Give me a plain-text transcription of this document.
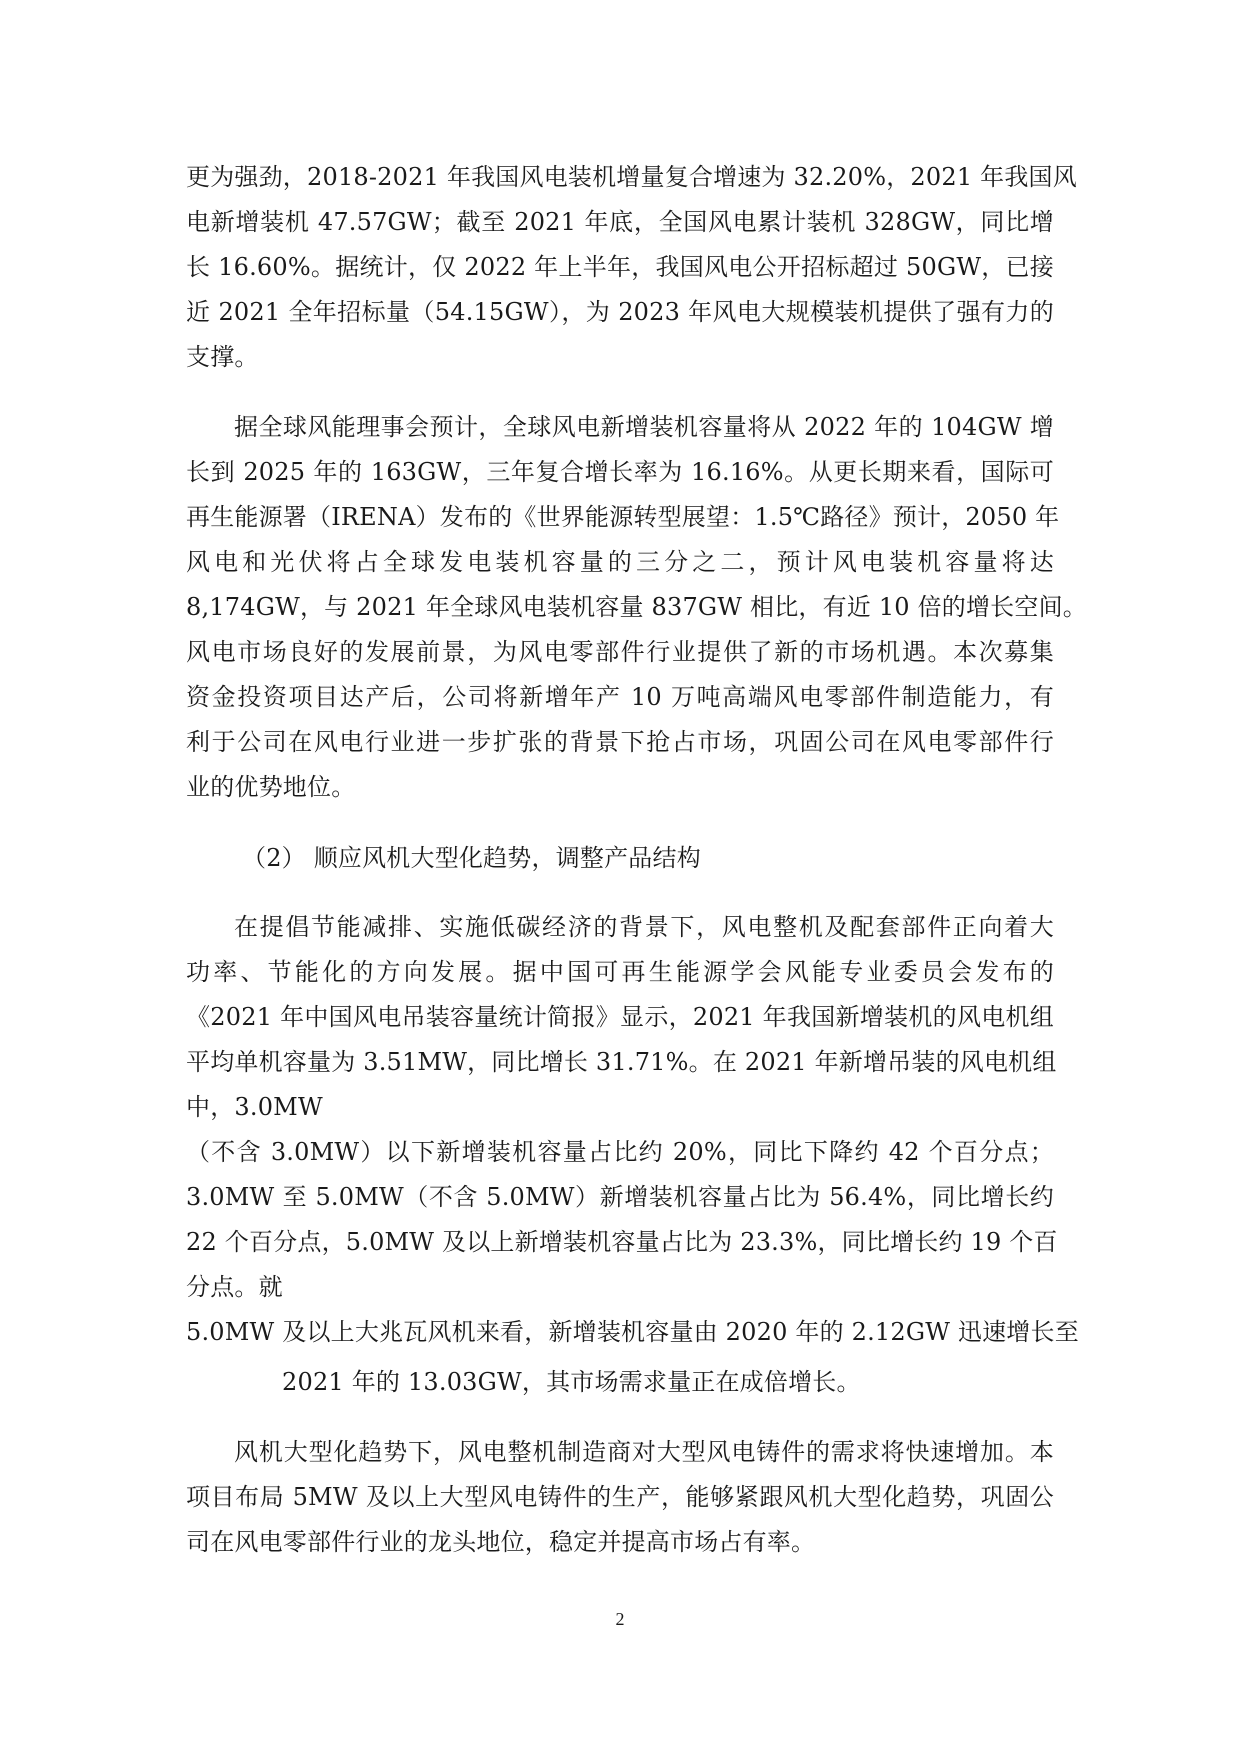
更为强劲，2018-2021 年我国风电装机增量复合增速为 32.20%，2021 年我国风

电新增装机 47.57GW；截至 2021 年底，全国风电累计装机 328GW，同比增

长 16.60%。据统计，仅 2022 年上半年，我国风电公开招标超过 50GW，已接

近 2021 全年招标量（54.15GW），为 2023 年风电大规模装机提供了强有力的

支撑。

据全球风能理事会预计，全球风电新增装机容量将从 2022 年的 104GW 增

长到 2025 年的 163GW，三年复合增长率为 16.16%。从更长期来看，国际可

再生能源署（IRENA）发布的《世界能源转型展望：1.5℃路径》预计，2050 年

风电和光伏将占全球发电装机容量的三分之二，预计风电装机容量将达

8,174GW，与 2021 年全球风电装机容量 837GW 相比，有近 10 倍的增长空间。

风电市场良好的发展前景，为风电零部件行业提供了新的市场机遇。本次募集

资金投资项目达产后，公司将新增年产 10 万吨高端风电零部件制造能力，有

利于公司在风电行业进一步扩张的背景下抢占市场，巩固公司在风电零部件行

业的优势地位。

（2） 顺应风机大型化趋势，调整产品结构

在提倡节能减排、实施低碳经济的背景下，风电整机及配套部件正向着大

功率、节能化的方向发展。据中国可再生能源学会风能专业委员会发布的

《2021 年中国风电吊装容量统计简报》显示，2021 年我国新增装机的风电机组

平均单机容量为 3.51MW，同比增长 31.71%。在 2021 年新增吊装的风电机组

中，3.0MW

（不含 3.0MW）以下新增装机容量占比约 20%，同比下降约 42 个百分点；

3.0MW 至 5.0MW（不含 5.0MW）新增装机容量占比为 56.4%，同比增长约

22 个百分点，5.0MW 及以上新增装机容量占比为 23.3%，同比增长约 19 个百

分点。就

5.0MW 及以上大兆瓦风机来看，新增装机容量由 2020 年的 2.12GW 迅速增长至

2021 年的 13.03GW，其市场需求量正在成倍增长。

风机大型化趋势下，风电整机制造商对大型风电铸件的需求将快速增加。本

项目布局 5MW 及以上大型风电铸件的生产，能够紧跟风机大型化趋势，巩固公

司在风电零部件行业的龙头地位，稳定并提高市场占有率。

2
